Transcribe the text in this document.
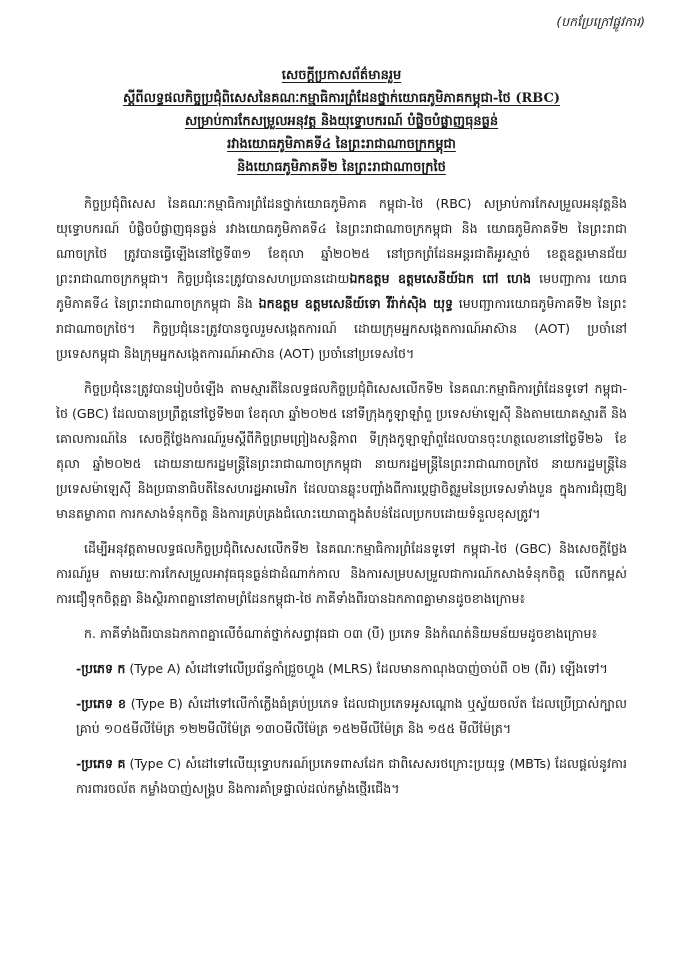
(បកប្រែក្រៅផ្លូវការ)
សេចក្ដីប្រកាសព័ត៌មានរួម
ស្ដីពីលទ្ធផលកិច្ចប្រជុំពិសេសនៃគណៈកម្មាធិការព្រំដែនថ្នាក់យោធភូមិភាគកម្ពុជា-ថៃ (RBC)
សម្រាប់ការកែសម្រួលអនុវត្ត និងយុទ្ធោបករណ៍ បំផ្លិចបំផ្លាញធុនធ្ងន់
រវាងយោធភូមិភាគទី៤ នៃព្រះរាជាណាចក្រកម្ពុជា
និងយោធភូមិភាគទី២ នៃព្រះរាជាណាចក្រថៃ

កិច្ចប្រជុំពិសេស នៃគណៈកម្មាធិការព្រំដែនថ្នាក់យោធភូមិភាគ កម្ពុជា-ថៃ (RBC) សម្រាប់ការកែសម្រួលអនុវត្តនិងយុទ្ធោបករណ៍ បំផ្លិចបំផ្លាញធុនធ្ងន់ រវាងយោធភូមិភាគទី៤ នៃព្រះរាជាណាចក្រកម្ពុជា និង យោធភូមិភាគទី២ នៃព្រះរាជាណាចក្រថៃ ត្រូវបានធ្វើឡើងនៅថ្ងៃទី៣១ ខែតុលា ឆ្នាំ២០២៥ នៅច្រកព្រំដែនអន្តរជាតិអូរស្មាច់ ខេត្តឧត្តរមានជ័យ ព្រះរាជាណាចក្រកម្ពុជា។ កិច្ចប្រជុំនេះត្រូវបានសហប្រធានដោយឯកឧត្តម ឧត្តមសេនីយ៍ឯក ពៅ ហេង មេបញ្ជាការ យោធភូមិភាគទី៤ នៃព្រះរាជាណាចក្រកម្ពុជា និង ឯកឧត្តម ឧត្តមសេនីយ៍ទោ វីរ៉ាក់សុិង យុទ្ធ មេបញ្ជាការយោធភូមិភាគទី២ នៃព្រះរាជាណាចក្រថៃ។ កិច្ចប្រជុំនេះត្រូវបានចូលរួមសង្កេតការណ៍ ដោយក្រុមអ្នកសង្កេតការណ៍អាស៊ាន (AOT) ប្រចាំនៅប្រទេសកម្ពុជា និងក្រុមអ្នកសង្កេតការណ៍អាស៊ាន (AOT) ប្រចាំនៅប្រទេសថៃ។

កិច្ចប្រជុំនេះត្រូវបានរៀបចំឡើង តាមស្មារតីនៃលទ្ធផលកិច្ចប្រជុំពិសេសលើកទី២ នៃគណៈកម្មាធិការព្រំដែនទូទៅ កម្ពុជា-ថៃ (GBC) ដែលបានប្រព្រឹត្តនៅថ្ងៃទី២៣ ខែតុលា ឆ្នាំ២០២៥ នៅទីក្រុងកូឡាឡាំពួ ប្រទេសម៉ាឡេស៊ី និងតាមយោគស្មារតី និងគោលការណ៍នៃ សេចក្ដីថ្លែងការណ៍រួមស្ដីពីកិច្ចព្រមព្រៀងសន្តិភាព ទីក្រុងកូឡាឡាំពួដែលបានចុះហត្ថលេខានៅថ្ងៃទី២៦ ខែតុលា ឆ្នាំ២០២៥ ដោយនាយករដ្ឋមន្ត្រីនៃព្រះរាជាណាចក្រកម្ពុជា នាយករដ្ឋមន្ត្រីនៃព្រះរាជាណាចក្រថៃ នាយករដ្ឋមន្ត្រីនៃប្រទេសម៉ាឡេស៊ី និងប្រធានាធិបតីនៃសហរដ្ឋអាមេរិក ដែលបានឆ្លុះបញ្ចាំងពីការប្ដេជ្ញាចិត្តរួមនៃប្រទេសទាំងបួន ក្នុងការជំរុញឱ្យមានតម្លាភាព ការកសាងទំនុកចិត្ត និងការគ្រប់គ្រងជំលោះយោធាក្នុងតំបន់ដែលប្រកបដោយទំនួលខុសត្រូវ។

ដើម្បីអនុវត្តតាមលទ្ធផលកិច្ចប្រជុំពិសេសលើកទី២ នៃគណៈកម្មាធិការព្រំដែនទូទៅ កម្ពុជា-ថៃ (GBC) និងសេចក្ដីថ្លែងការណ៍រួម តាមរយៈការកែសម្រួលអាវុធធុនធ្ងន់ជាដំណាក់កាល និងការសម្របសម្រួលជាការណ៍កសាងទំនុកចិត្ត លើកកម្ពស់ការជឿទុកចិត្តគ្នា និងស្ថិរភាពគ្នានៅតាមព្រំដែនកម្ពុជា-ថៃ ភាគីទាំងពីរបានឯកភាពគ្នាមានដូចខាងក្រោម៖

ក. ភាគីទាំងពីរបានឯកភាពគ្នាលើចំណាត់ថ្នាក់សព្វាវុធជា ០៣ (បី) ប្រភេទ និងកំណត់និយមន័យមដូចខាងក្រោម៖

-ប្រភេទ ក (Type A) សំដៅទៅលើប្រព័ន្ធកាំជ្រួចហ្វូង (MLRS) ដែលមានកាណុងបាញ់ចាប់ពី ០២ (ពីរ) ឡើងទៅ។

-ប្រភេទ ខ (Type B) សំដៅទៅលើកាំភ្លើងធំគ្រប់ប្រភេទ ដែលជាប្រភេទអូសណ្ដោង ឬស្វ័យចល័ត ដែលប្រើប្រាស់ក្បាលគ្រាប់ ១០៥មីលីម៉ែត្រ ១២២មីលីម៉ែត្រ ១៣០មីលីម៉ែត្រ ១៥២មីលីម៉ែត្រ និង ១៥៥ មីលីម៉ែត្រ។

-ប្រភេទ គ (Type C) សំដៅទៅលើយុទ្ធោបករណ៍ប្រភេទពាសដែក ជាពិសេសរថក្រោះប្រយុទ្ធ (MBTs) ដែលផ្ដល់នូវការការពារចល័ត កម្លាំងបាញ់សង្គ្រប និងការគាំទ្រផ្ទាល់ដល់កម្លាំងថ្មើរជើង។
